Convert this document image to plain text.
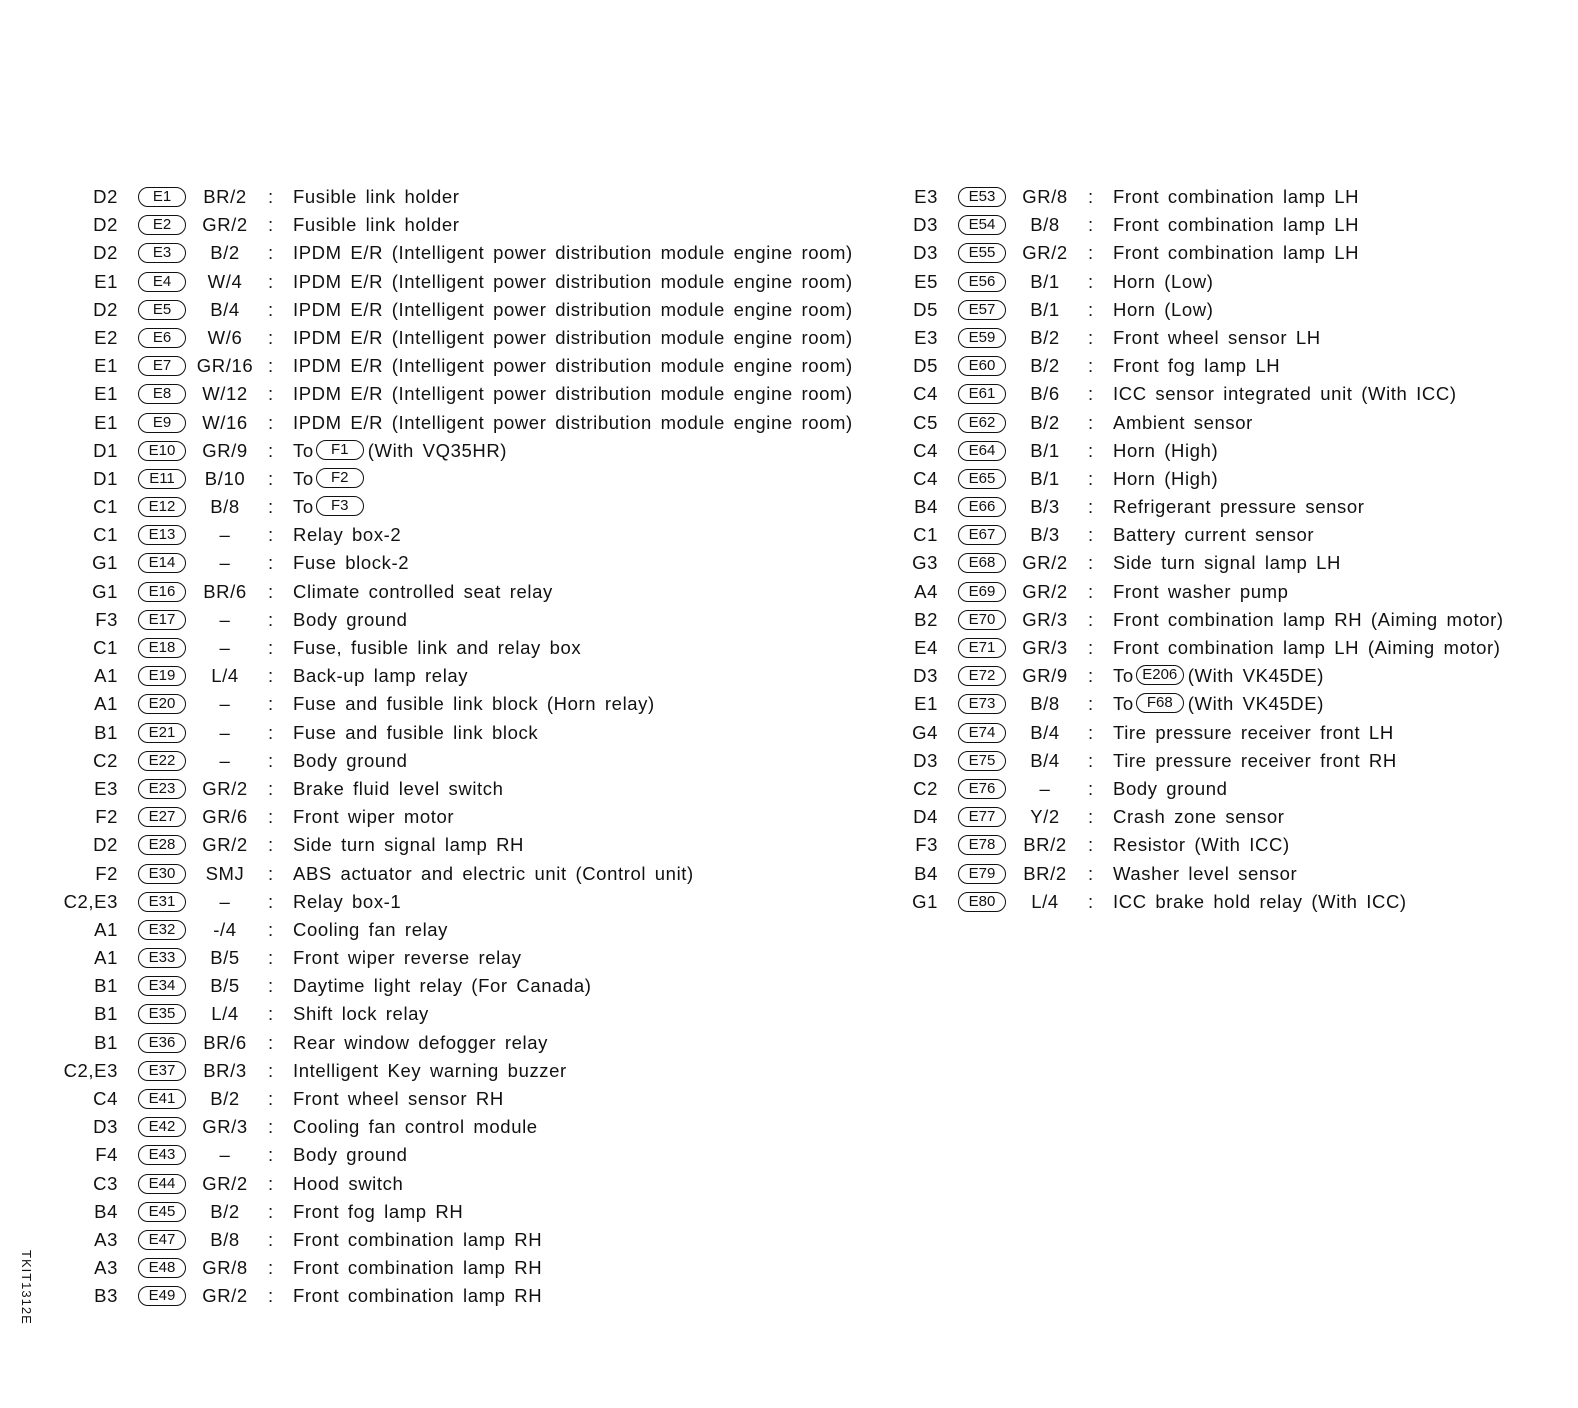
D2	E1	BR/2	: Fusible link holder
D2	E2	GR/2	: Fusible link holder
D2	E3	B/2	: IPDM E/R (Intelligent power distribution module engine room)
E1	E4	W/4	: IPDM E/R (Intelligent power distribution module engine room)
D2	E5	B/4	: IPDM E/R (Intelligent power distribution module engine room)
E2	E6	W/6	: IPDM E/R (Intelligent power distribution module engine room)
E1	E7	GR/16 : IPDM E/R (Intelligent power distribution module engine room)
E1	E8	W/12	: IPDM E/R (Intelligent power distribution module engine room)
E1	E9	W/16	: IPDM E/R (Intelligent power distribution module engine room)
D1	E10	GR/9	: To F1 (With VQ35HR)
D1	E11	B/10	: To F2
C1	E12	B/8	: To F3
C1	E13	–	: Relay box-2
G1	E14	–	: Fuse block-2
G1	E16	BR/6	: Climate controlled seat relay
F3	E17	–	: Body ground
C1	E18	–	: Fuse, fusible link and relay box
A1	E19	L/4	: Back-up lamp relay
A1	E20	–	: Fuse and fusible link block (Horn relay)
B1	E21	–	: Fuse and fusible link block
C2	E22	–	: Body ground
E3	E23	GR/2	: Brake fluid level switch
F2	E27	GR/6	: Front wiper motor
D2	E28	GR/2	: Side turn signal lamp RH
F2	E30	SMJ	: ABS actuator and electric unit (Control unit)
C2,E3	E31	–	: Relay box-1
A1	E32	-/4	: Cooling fan relay
A1	E33	B/5	: Front wiper reverse relay
B1	E34	B/5	: Daytime light relay (For Canada)
B1	E35	L/4	: Shift lock relay
B1	E36	BR/6	: Rear window defogger relay
C2,E3	E37	BR/3	: Intelligent Key warning buzzer
C4	E41	B/2	: Front wheel sensor RH
D3	E42	GR/3	: Cooling fan control module
F4	E43	–	: Body ground
C3	E44	GR/2	: Hood switch
B4	E45	B/2	: Front fog lamp RH
A3	E47	B/8	: Front combination lamp RH
A3	E48	GR/8	: Front combination lamp RH
B3	E49	GR/2	: Front combination lamp RH
E3	E53	GR/8	: Front combination lamp LH
D3	E54	B/8	: Front combination lamp LH
D3	E55	GR/2	: Front combination lamp LH
E5	E56	B/1	: Horn (Low)
D5	E57	B/1	: Horn (Low)
E3	E59	B/2	: Front wheel sensor LH
D5	E60	B/2	: Front fog lamp LH
C4	E61	B/6	: ICC sensor integrated unit (With ICC)
C5	E62	B/2	: Ambient sensor
C4	E64	B/1	: Horn (High)
C4	E65	B/1	: Horn (High)
B4	E66	B/3	: Refrigerant pressure sensor
C1	E67	B/3	: Battery current sensor
G3	E68	GR/2	: Side turn signal lamp LH
A4	E69	GR/2	: Front washer pump
B2	E70	GR/3	: Front combination lamp RH (Aiming motor)
E4	E71	GR/3	: Front combination lamp LH (Aiming motor)
D3	E72	GR/9	: To E206 (With VK45DE)
E1	E73	B/8	: To F68 (With VK45DE)
G4	E74	B/4	: Tire pressure receiver front LH
D3	E75	B/4	: Tire pressure receiver front RH
C2	E76	–	: Body ground
D4	E77	Y/2	: Crash zone sensor
F3	E78	BR/2	: Resistor (With ICC)
B4	E79	BR/2	: Washer level sensor
G1	E80	L/4	: ICC brake hold relay (With ICC)
TKIT1312E
